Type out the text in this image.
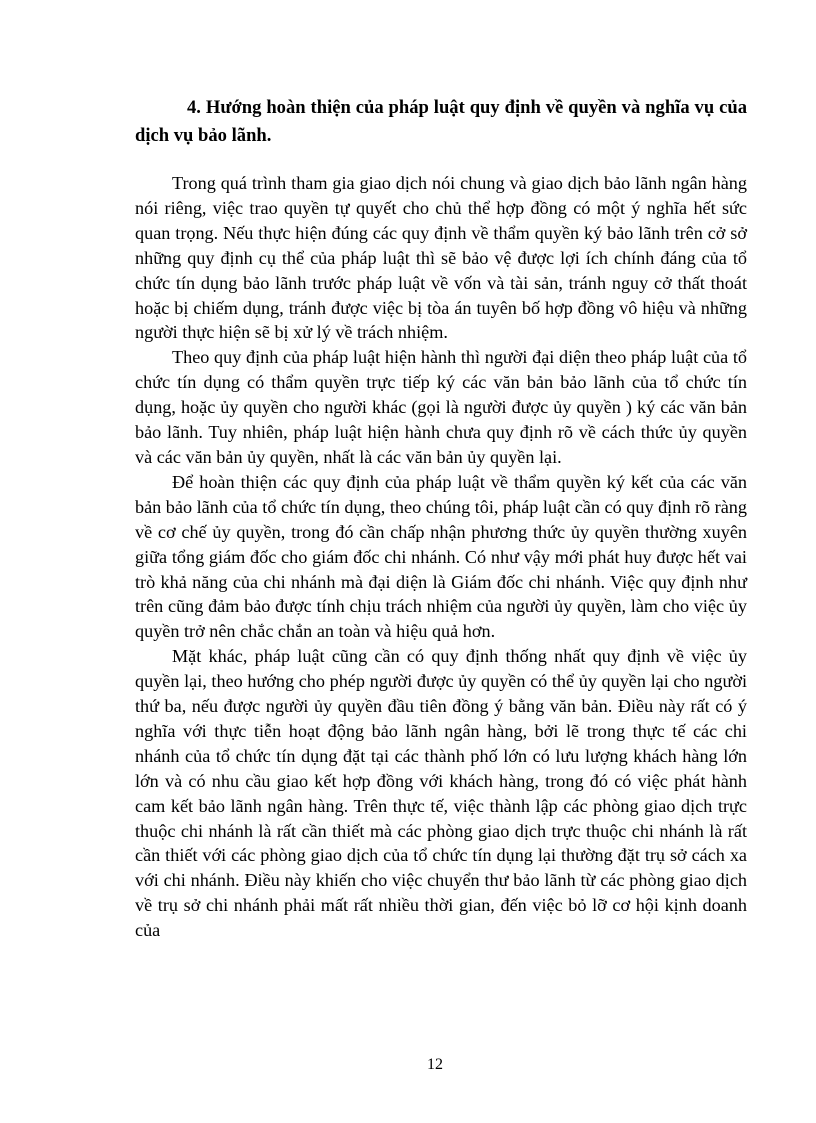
4. Hướng hoàn thiện của pháp luật quy định về quyền và nghĩa vụ của dịch vụ bảo lãnh.

Trong quá trình tham gia giao dịch nói chung và giao dịch bảo lãnh ngân hàng nói riêng, việc trao quyền tự quyết cho chủ thể hợp đồng có một ý nghĩa hết sức quan trọng. Nếu thực hiện đúng các quy định về thẩm quyền ký bảo lãnh trên cở sở những quy định cụ thể của pháp luật thì sẽ bảo vệ được lợi ích chính đáng của tổ chức tín dụng bảo lãnh trước pháp luật về vốn và tài sản, tránh nguy cở thất thoát hoặc bị chiếm dụng, tránh được việc bị tòa án tuyên bố hợp đồng vô hiệu và những người thực hiện sẽ bị xử lý về trách nhiệm.

Theo quy định của pháp luật hiện hành thì người đại diện theo pháp luật của tổ chức tín dụng có thẩm quyền trực tiếp ký các văn bản bảo lãnh của tổ chức tín dụng, hoặc ủy quyền cho người khác (gọi là người được ủy quyền ) ký các văn bản bảo lãnh. Tuy nhiên, pháp luật hiện hành chưa quy định rõ về cách thức ủy quyền và các văn bản ủy quyền, nhất là các văn bản ủy quyền lại.

Để hoàn thiện các quy định của pháp luật về thẩm quyền ký kết của các văn bản bảo lãnh của tổ chức tín dụng, theo chúng tôi, pháp luật cần có quy định rõ ràng về cơ chế ủy quyền, trong đó cần chấp nhận phương thức ủy quyền thường xuyên giữa tổng giám đốc cho giám đốc chi nhánh. Có như vậy mới phát huy được hết vai trò khả năng của chi nhánh mà đại diện là Giám đốc chi nhánh. Việc quy định như trên cũng đảm bảo được tính chịu trách nhiệm của người ủy quyền, làm cho việc ủy quyền trở nên chắc chắn an toàn và hiệu quả hơn.

Mặt khác, pháp luật cũng cần có quy định thống nhất quy định về việc ủy quyền lại, theo hướng cho phép người được ủy quyền có thể ủy quyền lại cho người thứ ba, nếu được người ủy quyền đầu tiên đồng ý bằng văn bản. Điều này rất có ý nghĩa với thực tiễn hoạt động bảo lãnh ngân hàng, bởi lẽ trong thực tế các chi nhánh của tổ chức tín dụng đặt tại các thành phố lớn có lưu lượng khách hàng lớn lớn và có nhu cầu giao kết hợp đồng với khách hàng, trong đó có việc phát hành cam kết bảo lãnh ngân hàng. Trên thực tế, việc thành lập các phòng giao dịch trực thuộc chi nhánh là rất cần thiết mà các phòng giao dịch trực thuộc chi nhánh là rất cần thiết với các phòng giao dịch của tổ chức tín dụng lại thường đặt trụ sở cách xa với chi nhánh. Điều này khiến cho việc chuyển thư bảo lãnh từ các phòng giao dịch về trụ sở chi nhánh phải mất rất nhiều thời gian, đến việc bỏ lỡ cơ hội kịnh doanh của

12
